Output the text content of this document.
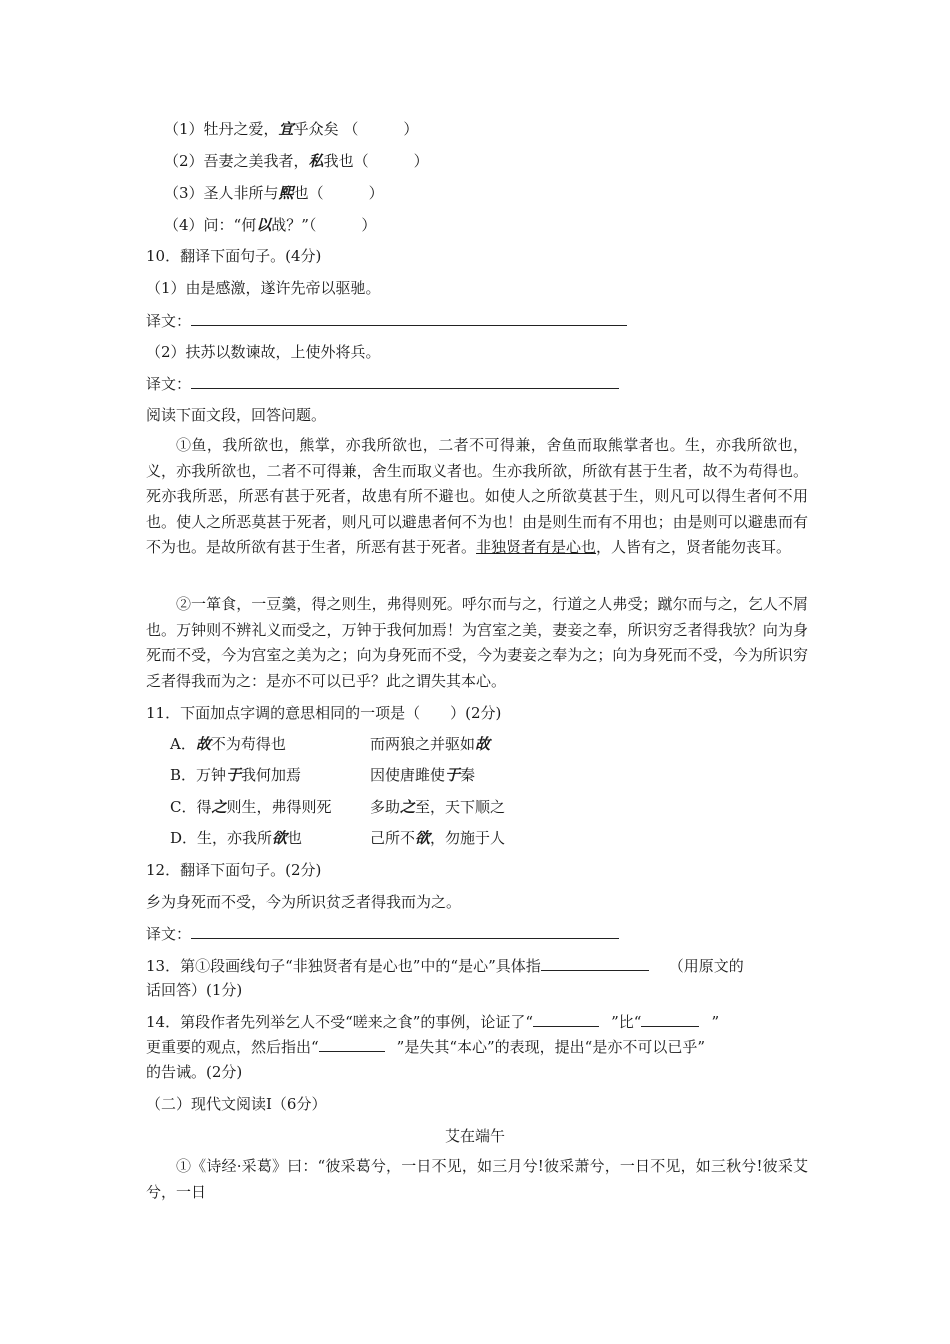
（1）牡丹之爱，宜乎众矣 （　　　）
（2）吾妻之美我者，私我也（　　　）
（3）圣人非所与熙也（　　　）
（4）问：“何以战？”（　　　）
10．翻译下面句子。(4分)
（1）由是感激，遂许先帝以驱驰。
译文：
（2）扶苏以数谏故，上使外将兵。
译文：
阅读下面文段，回答问题。
①鱼，我所欲也，熊掌，亦我所欲也，二者不可得兼，舍鱼而取熊掌者也。生，亦我所欲也，义，亦我所欲也，二者不可得兼，舍生而取义者也。生亦我所欲，所欲有甚于生者，故不为苟得也。死亦我所恶，所恶有甚于死者，故患有所不避也。如使人之所欲莫甚于生，则凡可以得生者何不用也。使人之所恶莫甚于死者，则凡可以避患者何不为也！由是则生而有不用也；由是则可以避患而有不为也。是故所欲有甚于生者，所恶有甚于死者。非独贤者有是心也，人皆有之，贤者能勿丧耳。
②一箪食，一豆羹，得之则生，弗得则死。呼尔而与之，行道之人弗受；蹴尔而与之，乞人不屑也。万钟则不辨礼义而受之，万钟于我何加焉！为宫室之美，妻妾之奉，所识穷乏者得我欤？向为身死而不受，今为宫室之美为之；向为身死而不受，今为妻妾之奉为之；向为身死而不受，今为所识穷乏者得我而为之：是亦不可以已乎？此之谓失其本心。
11．下面加点字调的意思相同的一项是（　　）(2分)
A．故不为苟得也	而两狼之并驱如故
B．万钟于我何加焉	因使唐雎使于秦
C．得之则生，弗得则死	多助之至，天下顺之
D．生，亦我所欲也	己所不欲，勿施于人
12．翻译下面句子。(2分)
乡为身死而不受，今为所识贫乏者得我而为之。
译文：
13．第①段画线句子“非独贤者有是心也”中的“是心”具体指	（用原文的
话回答）(1分)
14．第段作者先列举乞人不受“嗟来之食”的事例，论证了“	”比“	”
更重要的观点，然后指出“	”是失其“本心”的表现，提出“是亦不可以已乎”
的告诫。(2分)
（二）现代文阅读Ⅰ（6分）
艾在端午
①《诗经·采葛》曰：“彼采葛兮，一日不见，如三月兮!彼采萧兮，一日不见，如三秋兮!彼采艾兮，一日
